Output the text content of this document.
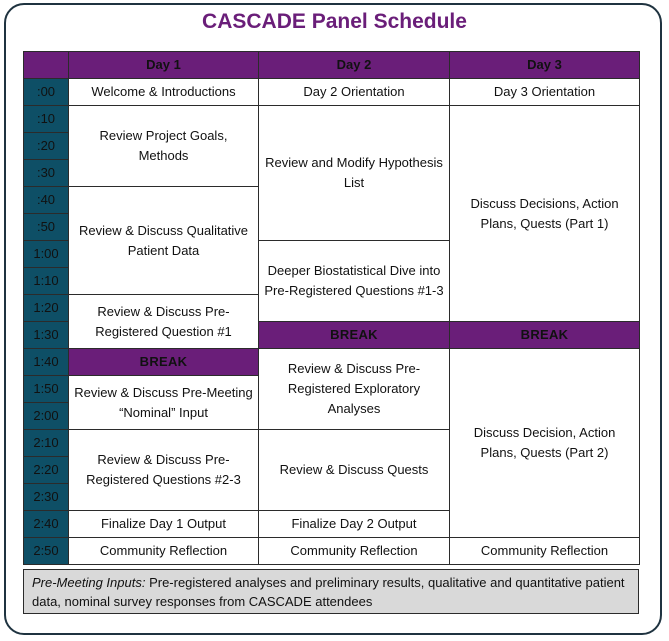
CASCADE Panel Schedule
	Day 1	Day 2	Day 3
:00	Welcome & Introductions	Day 2 Orientation	Day 3 Orientation
:10	Review Project Goals, Methods	Review and Modify Hypothesis List	Discuss Decisions, Action Plans, Quests (Part 1)
:20			
:30			
:40	Review & Discuss Qualitative Patient Data		
:50			
1:00		Deeper Biostatistical Dive into Pre-Registered Questions #1-3	
1:10			
1:20	Review & Discuss Pre-Registered Question #1		
1:30		BREAK	BREAK
1:40	BREAK	Review & Discuss Pre-Registered Exploratory Analyses	Discuss Decision, Action Plans, Quests (Part 2)
1:50	Review & Discuss Pre-Meeting “Nominal” Input		
2:00			
2:10	Review & Discuss Pre-Registered Questions #2-3	Review & Discuss Quests	
2:20			
2:30			
2:40	Finalize Day 1 Output	Finalize Day 2 Output	
2:50	Community Reflection	Community Reflection	Community Reflection
Pre-Meeting Inputs: Pre-registered analyses and preliminary results, qualitative and quantitative patient data, nominal survey responses from CASCADE attendees
